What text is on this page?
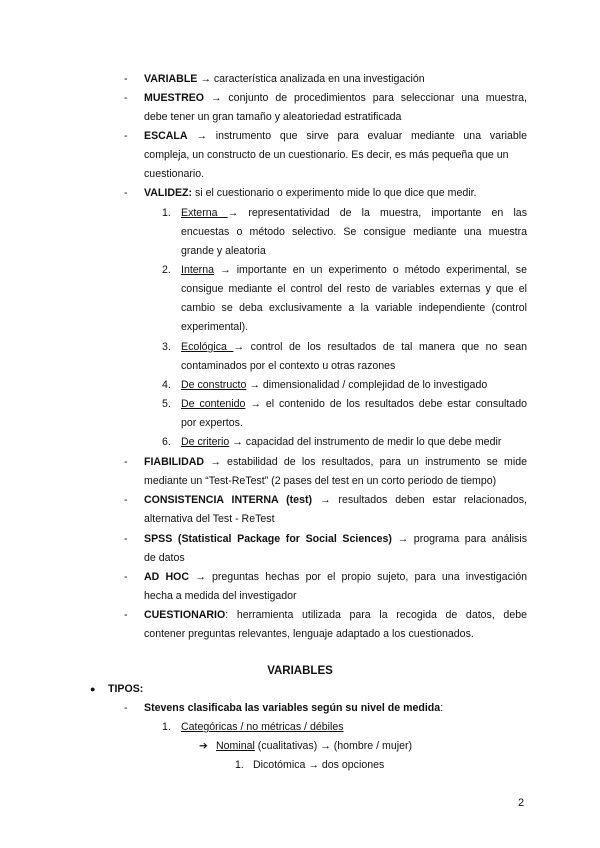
-	VARIABLE → característica analizada en una investigación
-	MUESTREO → conjunto de procedimientos para seleccionar una muestra,
debe tener un gran tamaño y aleatoriedad estratificada
-	ESCALA → instrumento que sirve para evaluar mediante una variable
compleja, un constructo de un cuestionario. Es decir, es más pequeña que un
cuestionario.
-	VALIDEZ: si el cuestionario o experimento mide lo que dice que medir.
1. Externa → representatividad de la muestra, importante en las
encuestas o método selectivo. Se consigue mediante una muestra
grande y aleatoria
2. Interna → importante en un experimento o método experimental, se
consigue mediante el control del resto de variables externas y que el
cambio se deba exclusivamente a la variable independiente (control
experimental).
3. Ecológica → control de los resultados de tal manera que no sean
contaminados por el contexto u otras razones
4. De constructo → dimensionalidad / complejidad de lo investigado
5. De contenido → el contenido de los resultados debe estar consultado
por expertos.
6. De criterio → capacidad del instrumento de medir lo que debe medir
-	FIABILIDAD → estabilidad de los resultados, para un instrumento se mide
mediante un “Test-ReTest” (2 pases del test en un corto periodo de tiempo)
-	CONSISTENCIA INTERNA (test) → resultados deben estar relacionados,
alternativa del Test - ReTest
-	SPSS (Statistical Package for Social Sciences) → programa para análisis
de datos
-	AD HOC → preguntas hechas por el propio sujeto, para una investigación
hecha a medida del investigador
-	CUESTIONARIO: herramienta utilizada para la recogida de datos, debe
contener preguntas relevantes, lenguaje adaptado a los cuestionados.
VARIABLES
● TIPOS:
-	Stevens clasificaba las variables según su nivel de medida:
1. Categóricas / no métricas / débiles
➔ Nominal (cualitativas) → (hombre / mujer)
1. Dicotómica → dos opciones
2
